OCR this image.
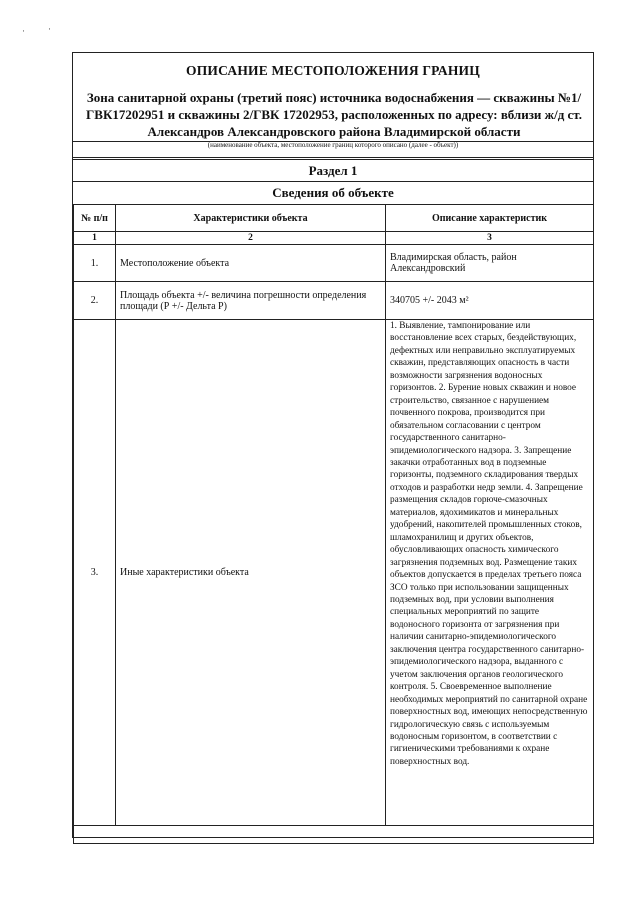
·	·
ОПИСАНИЕ МЕСТОПОЛОЖЕНИЯ ГРАНИЦ
Зона санитарной охраны (третий пояс) источника водоснабжения — скважины №1/ГВК17202951 и скважины 2/ГВК 17202953, расположенных по адресу: вблизи ж/д ст. Александров Александровского района Владимирской области
(наименование объекта, местоположение границ которого описано (далее - объект))
Раздел 1
Сведения об объекте
№ п/п	Характеристики объекта	Описание характеристик
1	2	3
1.	Местоположение объекта	Владимирская область, район Александровский
2.	Площадь объекта +/- величина погрешности определения площади (Р +/- Дельта Р)	340705 +/- 2043 м²
3.	Иные характеристики объекта	1. Выявление, тампонирование или восстановление всех старых, бездействующих, дефектных или неправильно эксплуатируемых скважин, представляющих опасность в части возможности загрязнения водоносных горизонтов. 2. Бурение новых скважин и новое строительство, связанное с нарушением почвенного покрова, производится при обязательном согласовании с центром государственного санитарно-эпидемиологического надзора. 3. Запрещение закачки отработанных вод в подземные горизонты, подземного складирования твердых отходов и разработки недр земли. 4. Запрещение размещения складов горюче-смазочных материалов, ядохимикатов и минеральных удобрений, накопителей промышленных стоков, шламохранилищ и других объектов, обусловливающих опасность химического загрязнения подземных вод. Размещение таких объектов допускается в пределах третьего пояса ЗСО только при использовании защищенных подземных вод, при условии выполнения специальных мероприятий по защите водоносного горизонта от загрязнения при наличии санитарно-эпидемиологического заключения центра государственного санитарно- эпидемиологического надзора, выданного с учетом заключения органов геологического контроля. 5. Своевременное выполнение необходимых мероприятий по санитарной охране поверхностных вод, имеющих непосредственную гидрологическую связь с используемым водоносным горизонтом, в соответствии с гигиеническими требованиями к охране поверхностных вод.
